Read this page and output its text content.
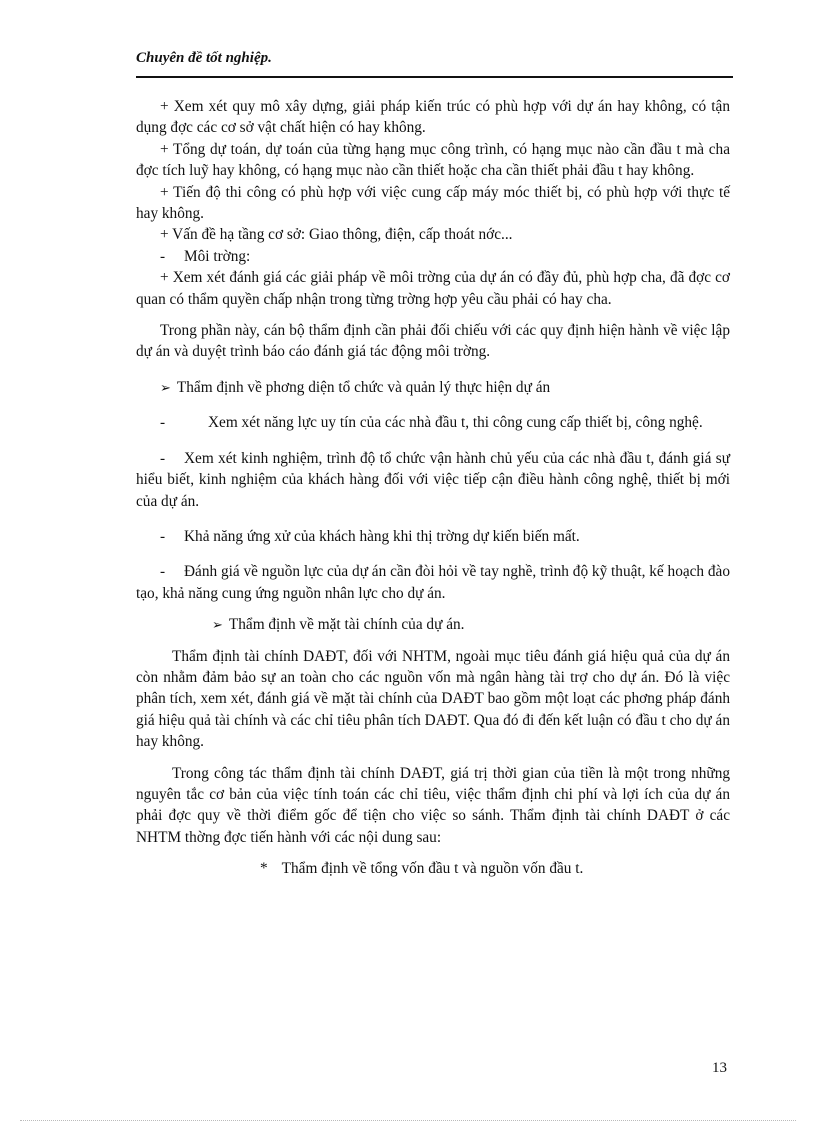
Chuyên đề tốt nghiệp.

+ Xem xét quy mô xây dựng, giải pháp kiến trúc có phù hợp với dự án hay không, có tận dụng đợc các cơ sở vật chất hiện có hay không.

+ Tổng dự toán, dự toán của từng hạng mục công trình, có hạng mục nào cần đầu t mà cha đợc tích luỹ hay không, có hạng mục nào cần thiết hoặc cha cần thiết phải đầu t hay không.

+ Tiến độ thi công có phù hợp với việc cung cấp máy móc thiết bị, có phù hợp với thực tế hay không.

+ Vấn đề hạ tầng cơ sở: Giao thông, điện, cấp thoát nớc...

- Môi trờng:

+ Xem xét đánh giá các giải pháp về môi trờng của dự án có đầy đủ, phù hợp cha, đã đợc cơ quan có thẩm quyền chấp nhận trong từng trờng hợp yêu cầu phải có hay cha.

Trong phần này, cán bộ thẩm định cần phải đối chiếu với các quy định hiện hành về việc lập dự án và duyệt trình báo cáo đánh giá tác động môi trờng.

➢ Thẩm định về phơng diện tổ chức và quản lý thực hiện dự án

-	Xem xét năng lực uy tín của các nhà đầu t, thi công cung cấp thiết bị, công nghệ.

- Xem xét kinh nghiệm, trình độ tổ chức vận hành chủ yếu của các nhà đầu t, đánh giá sự hiểu biết, kinh nghiệm của khách hàng đối với việc tiếp cận điều hành công nghệ, thiết bị mới của dự án.

- Khả năng ứng xử của khách hàng khi thị trờng dự kiến biến mất.

- Đánh giá về nguồn lực của dự án cần đòi hỏi về tay nghề, trình độ kỹ thuật, kế hoạch đào tạo, khả năng cung ứng nguồn nhân lực cho dự án.

➢ Thẩm định về mặt tài chính của dự án.

Thẩm định tài chính DAĐT, đối với NHTM, ngoài mục tiêu đánh giá hiệu quả của dự án còn nhằm đảm bảo sự an toàn cho các nguồn vốn mà ngân hàng tài trợ cho dự án. Đó là việc phân tích, xem xét, đánh giá về mặt tài chính của DAĐT bao gồm một loạt các phơng pháp đánh giá hiệu quả tài chính và các chỉ tiêu phân tích DAĐT. Qua đó đi đến kết luận có đầu t cho dự án hay không.

Trong công tác thẩm định tài chính DAĐT, giá trị thời gian của tiền là một trong những nguyên tắc cơ bản của việc tính toán các chỉ tiêu, việc thẩm định chi phí và lợi ích của dự án phải đợc quy về thời điểm gốc để tiện cho việc so sánh. Thẩm định tài chính DAĐT ở các NHTM thờng đợc tiến hành với các nội dung sau:

* Thẩm định về tổng vốn đầu t và nguồn vốn đầu t.

13
